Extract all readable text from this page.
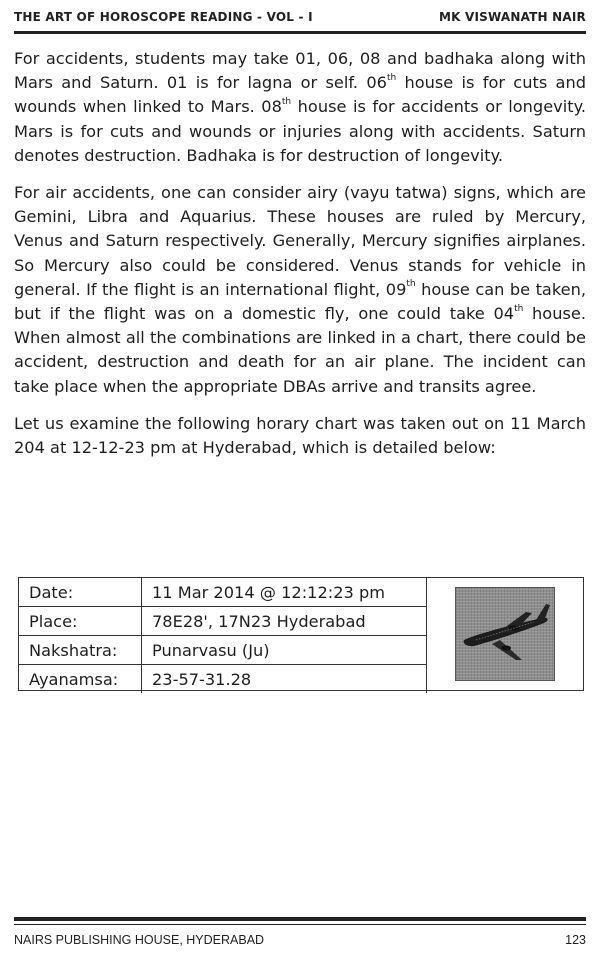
THE ART OF HOROSCOPE READING - VOL - I	MK VISWANATH NAIR

For accidents, students may take 01, 06, 08 and badhaka along with Mars and Saturn. 01 is for lagna or self. 06th house is for cuts and wounds when linked to Mars. 08th house is for accidents or longevity. Mars is for cuts and wounds or injuries along with accidents. Saturn denotes destruction. Badhaka is for destruction of longevity.

For air accidents, one can consider airy (vayu tatwa) signs, which are Gemini, Libra and Aquarius. These houses are ruled by Mercury, Venus and Saturn respectively. Generally, Mercury signifies airplanes. So Mercury also could be considered. Venus stands for vehicle in general. If the flight is an international flight, 09th house can be taken, but if the flight was on a domestic fly, one could take 04th house. When almost all the combinations are linked in a chart, there could be accident, destruction and death for an air plane. The incident can take place when the appropriate DBAs arrive and transits agree.

Let us examine the following horary chart was taken out on 11 March 204 at 12-12-23 pm at Hyderabad, which is detailed below:

Date:	11 Mar 2014 @ 12:12:23 pm
Place:	78E28', 17N23 Hyderabad
Nakshatra:	Punarvasu (Ju)
Ayanamsa:	23-57-31.28
NAIRS PUBLISHING HOUSE, HYDERABAD	123
